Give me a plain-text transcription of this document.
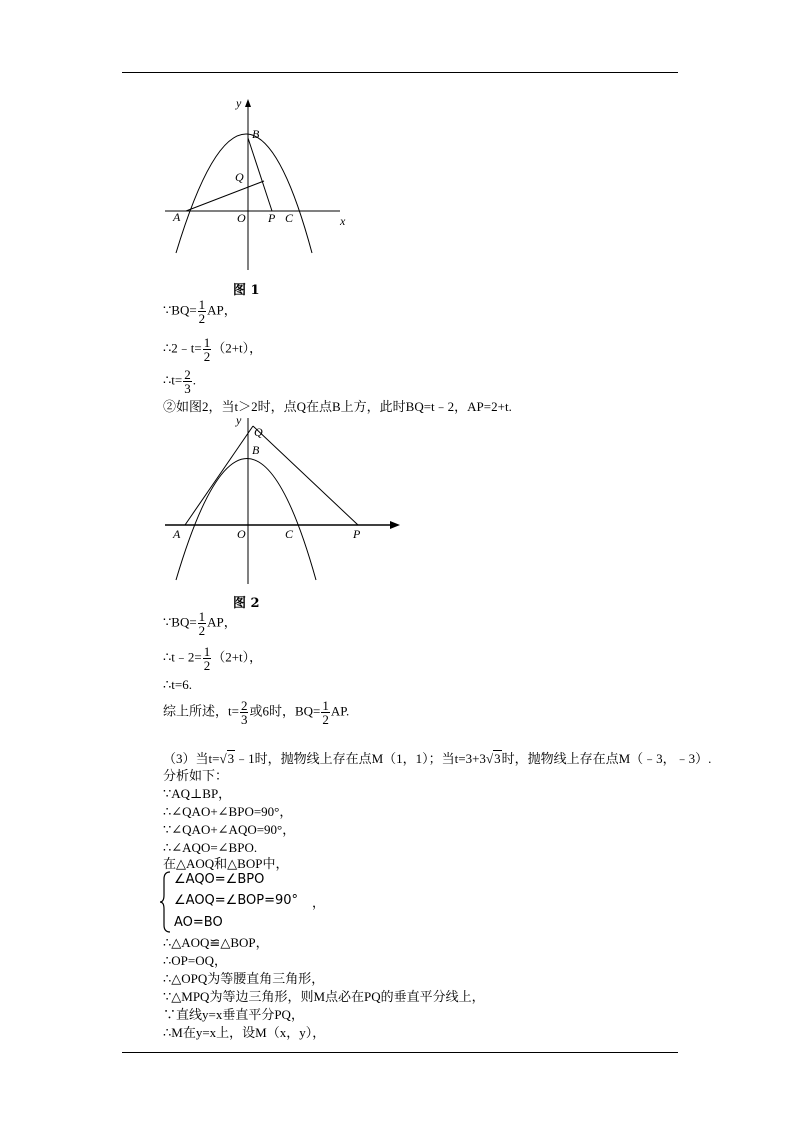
y
B
Q
A	O P C	x
图 1
∵BQ= $\frac{1}{2}$ AP，
∴2﹣t= $\frac{1}{2} (2+t)$，
∴t= $\frac{2}{3}$ .
②如图2，当t＞2时，点Q在点B上方，此时BQ=t﹣2，AP=2+t.
y
Q
B
A	O	C	P
图 2
∵BQ= $\frac{1}{2}$ AP，
∴t﹣2= $\frac{1}{2} (2+t)$，
∴t=6.
综上所述，$t= \frac{2}{3}$ 或6时，$BQ= \frac{1}{2}$ AP.
（3）当t=√3﹣1时，抛物线上存在点M（1，1）；当t=3+3√3时，抛物线上存在点M（﹣3，﹣3）.
分析如下：
∵AQ⊥BP，
∴∠QAO+∠BPO=90°，
∵∠QAO+∠AQO=90°，
∴∠AQO=∠BPO.
在△AOQ和△BOP中，
∠AQO=∠BPO
∠AOQ=∠BOP=90° ，
AO=BO
∴△AOQ≌△BOP，
∴OP=OQ，
∴△OPQ为等腰直角三角形，
∵△MPQ为等边三角形，则M点必在PQ的垂直平分线上，
∵直线y=x垂直平分PQ，
∴M在y=x上，设M（x，y），
